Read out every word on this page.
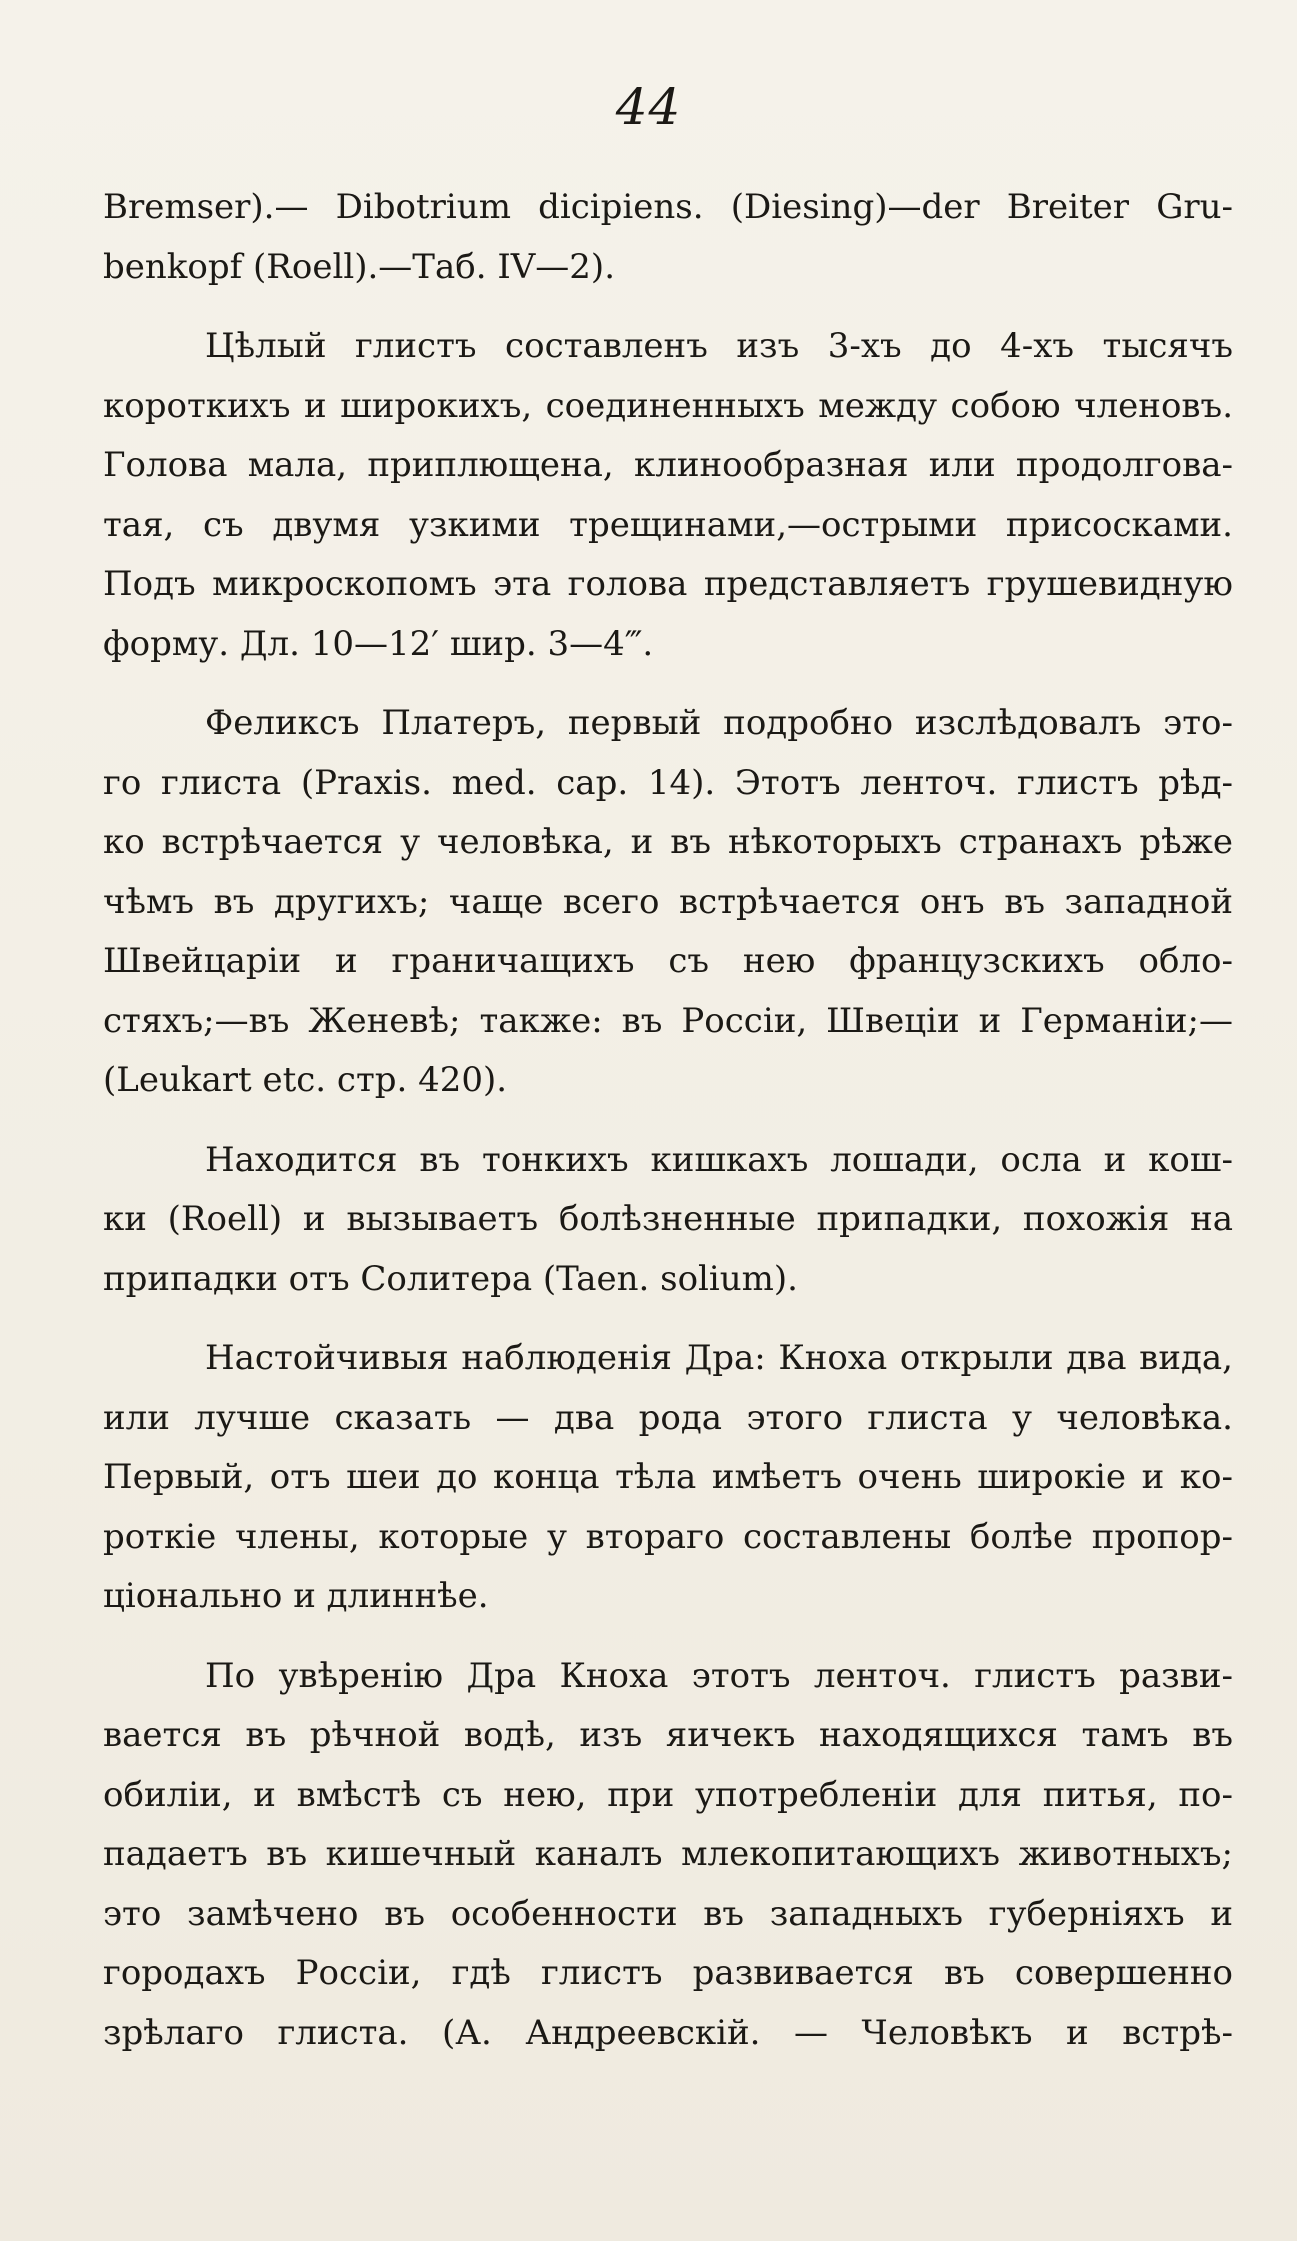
44
Bremser).— Dibotrium dicipiens. (Diesing)—der Breiter Gru-
benkopf (Roell).—Таб. IV—2).
Цѣлый глистъ составленъ изъ 3-хъ до 4-хъ тысячъ
короткихъ и широкихъ, соединенныхъ между собою членовъ.
Голова мала, приплющена, клинообразная или продолгова-
тая, съ двумя узкими трещинами,—острыми присосками.
Подъ микроскопомъ эта голова представляетъ грушевидную
форму. Дл. 10—12′ шир. 3—4‴.
Феликсъ Платеръ, первый подробно изслѣдовалъ это-
го глиста (Praxis. med. cap. 14). Этотъ ленточ. глистъ рѣд-
ко встрѣчается у человѣка, и въ нѣкоторыхъ странахъ рѣже
чѣмъ въ другихъ; чаще всего встрѣчается онъ въ западной
Швейцаріи и граничащихъ съ нею французскихъ обло-
стяхъ;—въ Женевѣ; также: въ Россіи, Швеціи и Германіи;—
(Leukart etc. стр. 420).
Находится въ тонкихъ кишкахъ лошади, осла и кош-
ки (Roell) и вызываетъ болѣзненные припадки, похожія на
припадки отъ Солитера (Taen. solium).
Настойчивыя наблюденія Дра: Кноха открыли два вида,
или лучше сказать — два рода этого глиста у человѣка.
Первый, отъ шеи до конца тѣла имѣетъ очень широкіе и ко-
роткіе члены, которые у втораго составлены болѣе пропор-
ціонально и длиннѣе.
По увѣренію Дра Кноха этотъ ленточ. глистъ разви-
вается въ рѣчной водѣ, изъ яичекъ находящихся тамъ въ
обиліи, и вмѣстѣ съ нею, при употребленіи для питья, по-
падаетъ въ кишечный каналъ млекопитающихъ животныхъ;
это замѣчено въ особенности въ западныхъ губерніяхъ и
городахъ Россіи, гдѣ глистъ развивается въ совершенно
зрѣлаго глиста. (А. Андреевскій. — Человѣкъ и встрѣ-
